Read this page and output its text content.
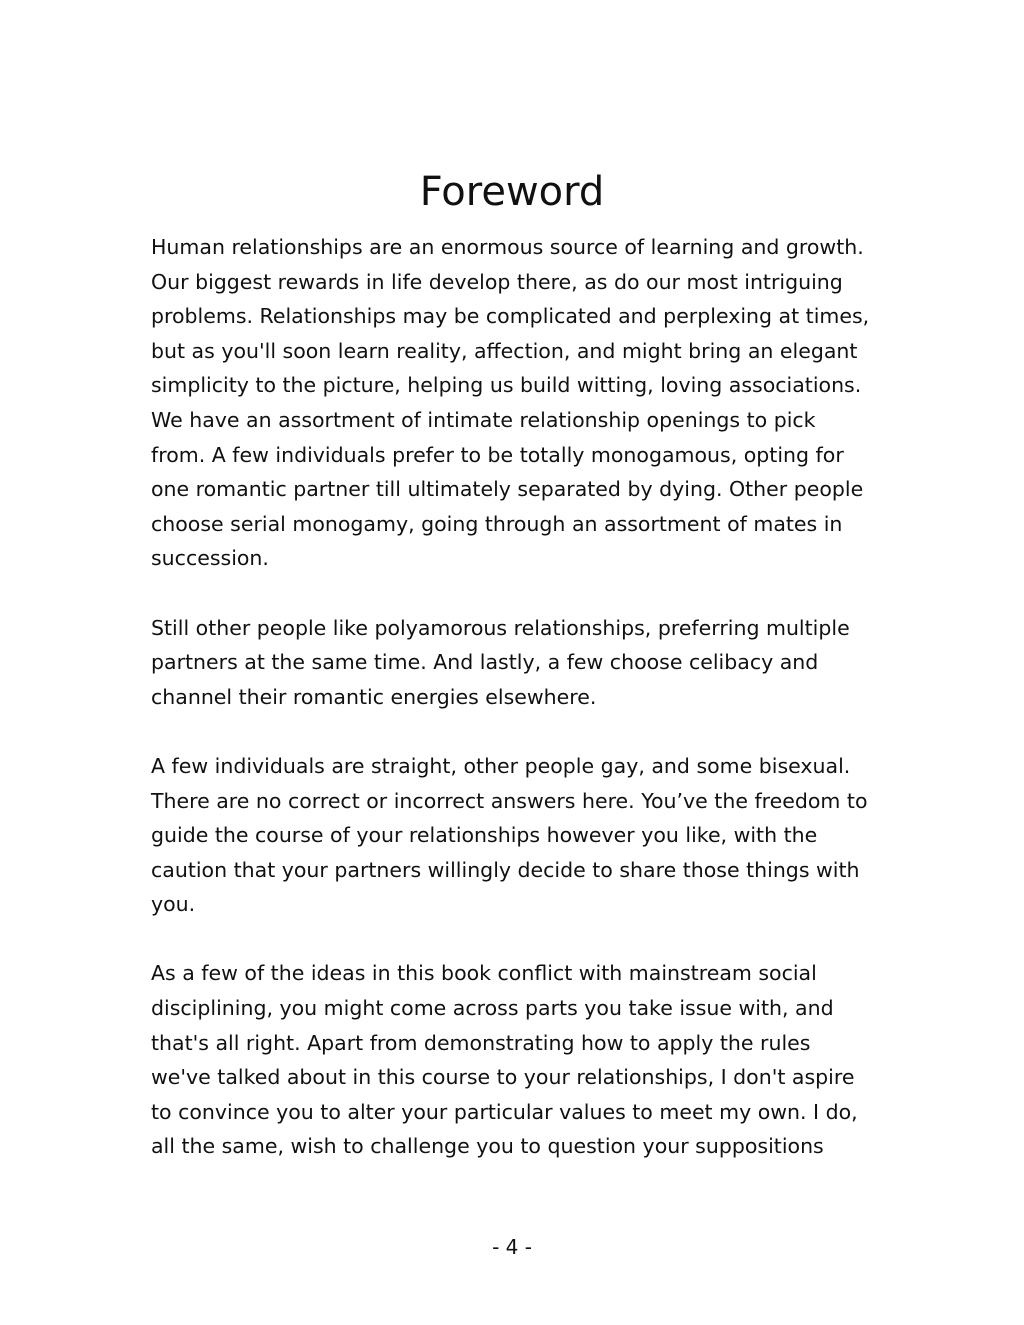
Foreword

Human relationships are an enormous source of learning and growth.
Our biggest rewards in life develop there, as do our most intriguing
problems. Relationships may be complicated and perplexing at times,
but as you'll soon learn reality, affection, and might bring an elegant
simplicity to the picture, helping us build witting, loving associations.
We have an assortment of intimate relationship openings to pick
from. A few individuals prefer to be totally monogamous, opting for
one romantic partner till ultimately separated by dying. Other people
choose serial monogamy, going through an assortment of mates in
succession.

Still other people like polyamorous relationships, preferring multiple
partners at the same time. And lastly, a few choose celibacy and
channel their romantic energies elsewhere.

A few individuals are straight, other people gay, and some bisexual.
There are no correct or incorrect answers here. You’ve the freedom to
guide the course of your relationships however you like, with the
caution that your partners willingly decide to share those things with
you.

As a few of the ideas in this book conflict with mainstream social
disciplining, you might come across parts you take issue with, and
that's all right. Apart from demonstrating how to apply the rules
we've talked about in this course to your relationships, I don't aspire
to convince you to alter your particular values to meet my own. I do,
all the same, wish to challenge you to question your suppositions

- 4 -
